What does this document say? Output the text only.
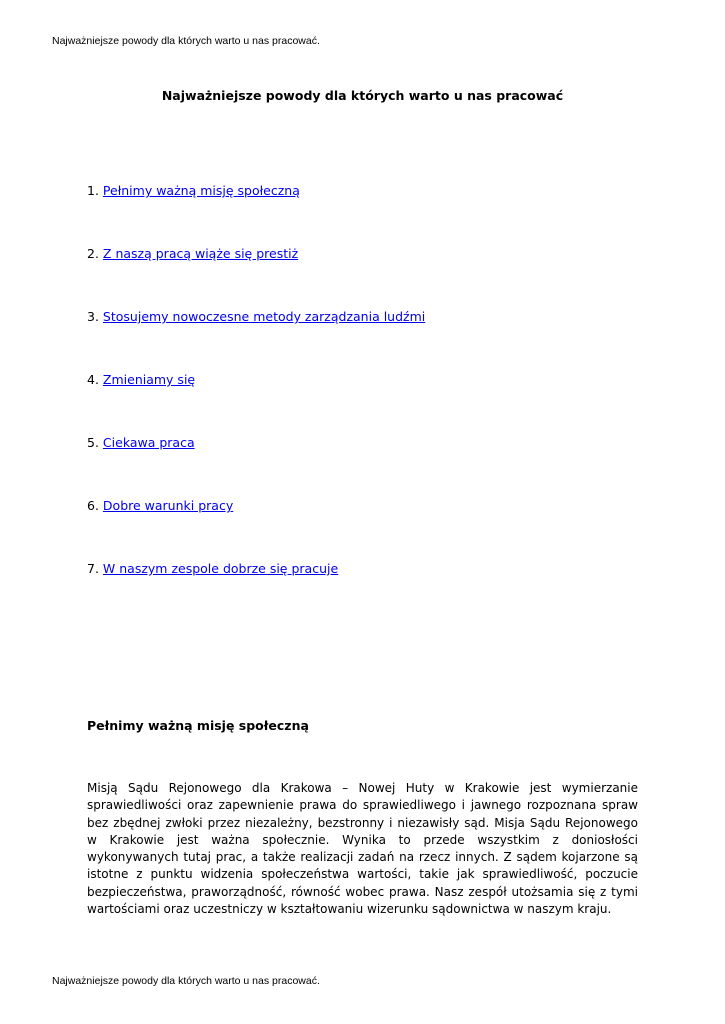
Najważniejsze powody dla których warto u nas pracować.
Najważniejsze powody dla których warto u nas pracować
1. Pełnimy ważną misję społeczną
2. Z naszą pracą wiąże się prestiż
3. Stosujemy nowoczesne metody zarządzania ludźmi
4. Zmieniamy się
5. Ciekawa praca
6. Dobre warunki pracy
7. W naszym zespole dobrze się pracuje
Pełnimy ważną misję społeczną

Misją Sądu Rejonowego dla Krakowa – Nowej Huty w Krakowie jest wymierzanie sprawiedliwości oraz zapewnienie prawa do sprawiedliwego i jawnego rozpoznana spraw bez zbędnej zwłoki przez niezależny, bezstronny i niezawisły sąd. Misja Sądu Rejonowego w Krakowie jest ważna społecznie. Wynika to przede wszystkim z doniosłości wykonywanych tutaj prac, a także realizacji zadań na rzecz innych. Z sądem kojarzone są istotne z punktu widzenia społeczeństwa wartości, takie jak sprawiedliwość, poczucie bezpieczeństwa, praworządność, równość wobec prawa. Nasz zespół utożsamia się z tymi wartościami oraz uczestniczy w kształtowaniu wizerunku sądownictwa w naszym kraju.

Najważniejsze powody dla których warto u nas pracować.
